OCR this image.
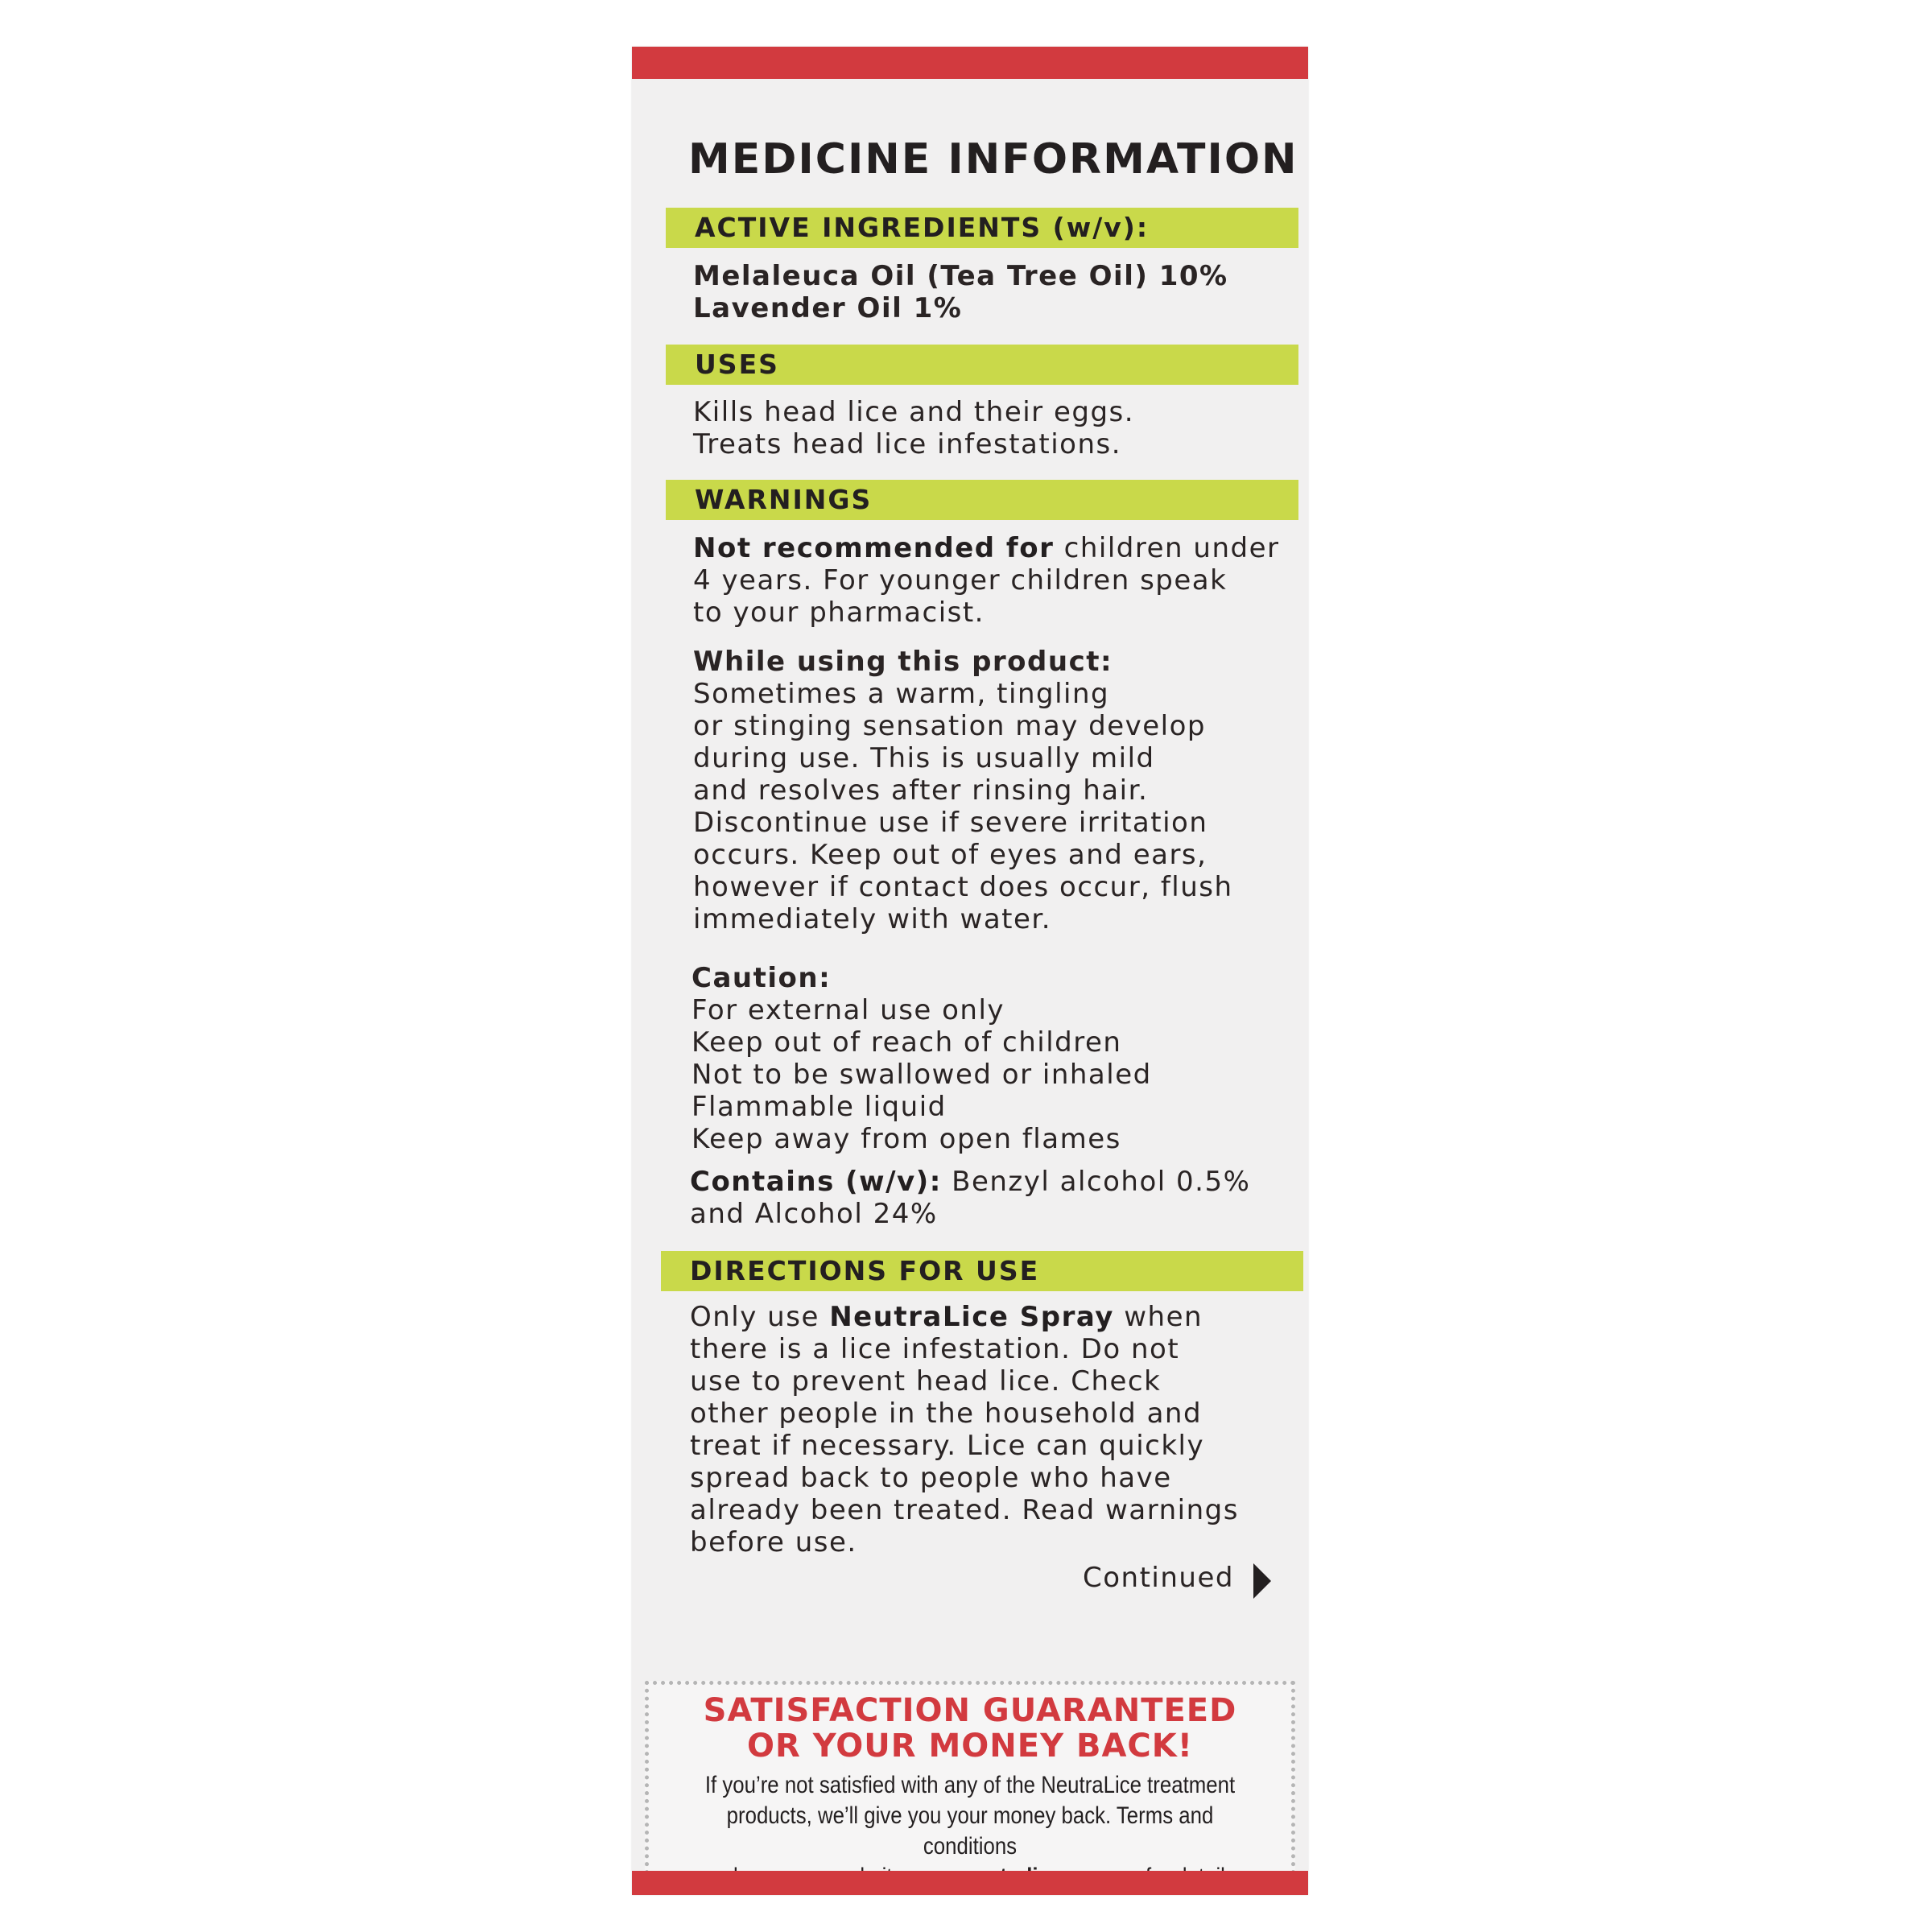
MEDICINE INFORMATION
ACTIVE INGREDIENTS (w/v):
Melaleuca Oil (Tea Tree Oil) 10%
Lavender Oil 1%
USES
Kills head lice and their eggs.
Treats head lice infestations.
WARNINGS
Not recommended for children under
4 years. For younger children speak
to your pharmacist.
While using this product:
Sometimes a warm, tingling
or stinging sensation may develop
during use. This is usually mild
and resolves after rinsing hair.
Discontinue use if severe irritation
occurs. Keep out of eyes and ears,
however if contact does occur, flush
immediately with water.
Caution:
For external use only
Keep out of reach of children
Not to be swallowed or inhaled
Flammable liquid
Keep away from open flames
Contains (w/v): Benzyl alcohol 0.5%
and Alcohol 24%
DIRECTIONS FOR USE
Only use NeutraLice Spray when
there is a lice infestation. Do not
use to prevent head lice. Check
other people in the household and
treat if necessary. Lice can quickly
spread back to people who have
already been treated. Read warnings
before use.
Continued
SATISFACTION GUARANTEED
OR YOUR MONEY BACK!
If you’re not satisfied with any of the NeutraLice treatment
products, we’ll give you your money back. Terms and conditions
